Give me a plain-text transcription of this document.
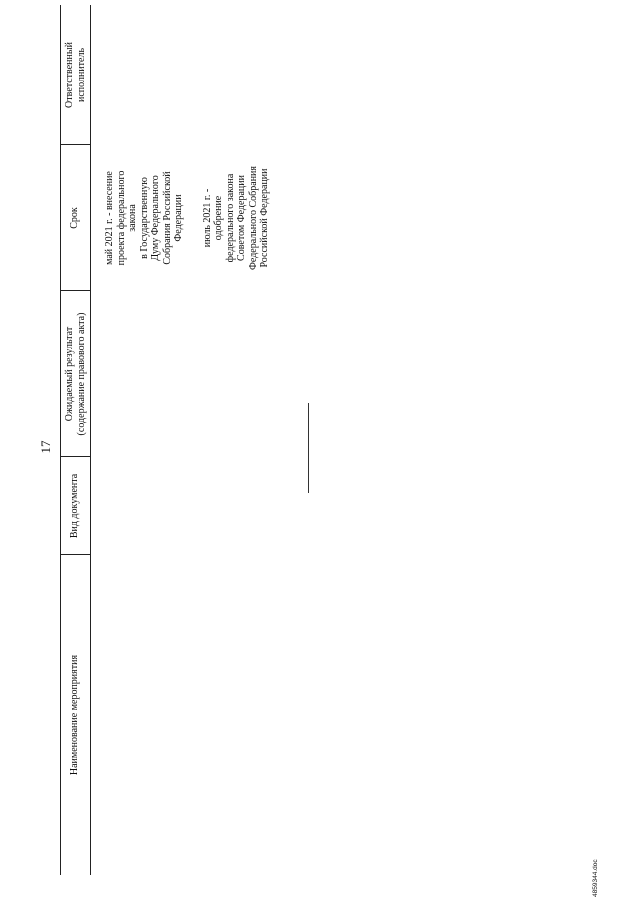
17
Наименование мероприятия
Вид документа
Ожидаемый результат (содержание правового акта)
Срок
Ответственный исполнитель
май 2021 г. - внесение проекта федерального закона в Государственную Думу Федерального Собрания Российской Федерации июль 2021 г. - одобрение федерального закона Советом Федерации Федерального Собрания Российской Федерации
4859344.doc
